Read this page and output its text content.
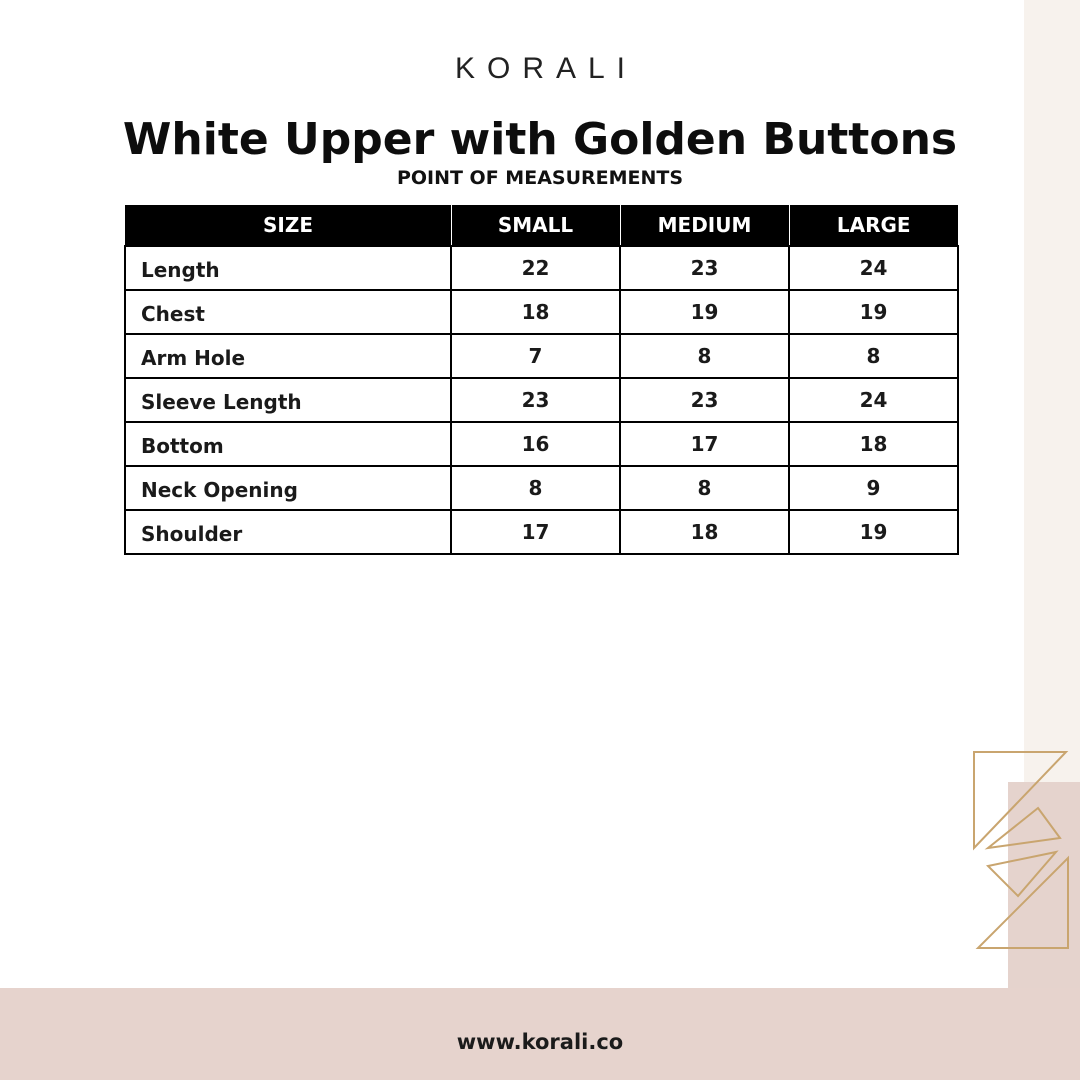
KORALI
White Upper with Golden Buttons
POINT OF MEASUREMENTS
SIZE	SMALL	MEDIUM	LARGE
Length	22	23	24
Chest	18	19	19
Arm Hole	7	8	8
Sleeve Length	23	23	24
Bottom	16	17	18
Neck Opening	8	8	9
Shoulder	17	18	19
www.korali.co
